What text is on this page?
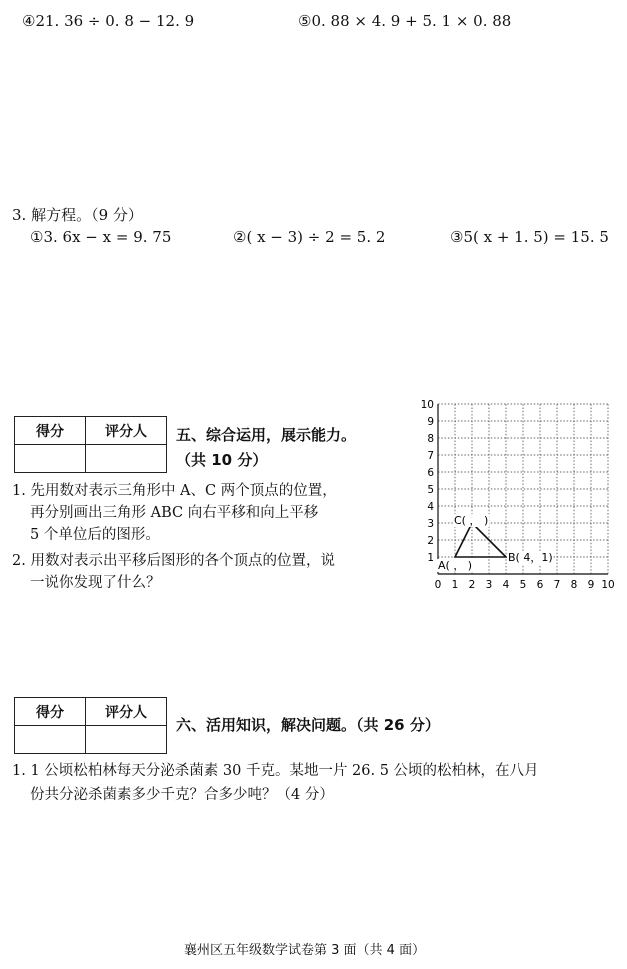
④21. 36 ÷ 0. 8 − 12. 9	⑤0. 88 × 4. 9 + 5. 1 × 0. 88
3. 解方程。（9 分）
①3. 6x − x = 9. 75	②( x − 3) ÷ 2 = 5. 2	③5( x + 1. 5) = 15. 5
得分	评分人
	五、综合运用，展示能力。
（共 10 分）
1. 先用数对表示三角形中 A、C 两个顶点的位置，
再分别画出三角形 ABC 向右平移和向上平移
5 个单位后的图形。
2. 用数对表示出平移后图形的各个顶点的位置，说
一说你发现了什么？	0 1 2 3 4 5 6 7 8 9 10
1
2
3
4
5
6
7
8
9
10
C( ， )
B( 4，1)
A( ， )
得分	评分人

六、活用知识，解决问题。（共 26 分）
1. 1 公顷松柏林每天分泌杀菌素 30 千克。某地一片 26. 5 公顷的松柏林，在八月
份共分泌杀菌素多少千克？合多少吨？（4 分）
襄州区五年级数学试卷第 3 面（共 4 面）
